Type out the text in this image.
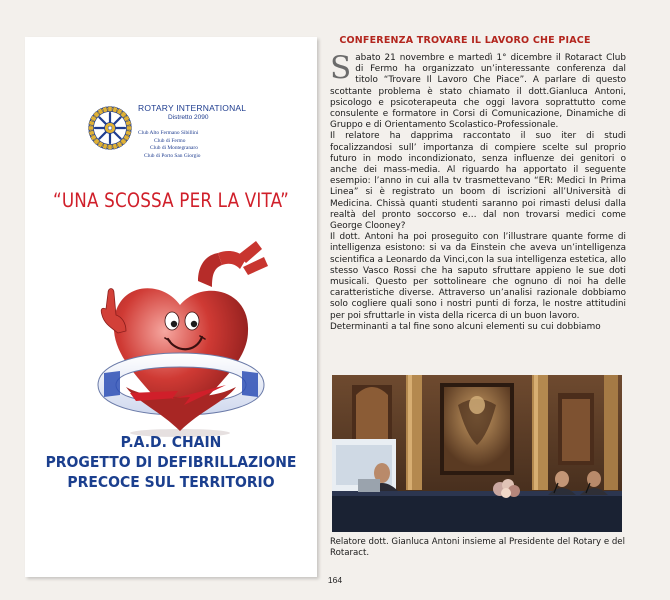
ROTARY INTERNATIONAL
Distretto 2090
Club Alto Fermano Sibillini
Club di Fermo
Club di Montegranaro
Club di Porto San Giorgio
“UNA SCOSSA PER LA VITA”
P.A.D. CHAIN
PROGETTO DI DEFIBRILLAZIONE
PRECOCE SUL TERRITORIO
CONFERENZA TROVARE IL LAVORO CHE PIACE

Sabato 21 novembre e martedì 1° dicembre il Rotaract Club di Fermo ha organizzato un’interessante conferenza dal titolo “Trovare Il Lavoro Che Piace”. A parlare di questo scottante problema è stato chiamato il dott.Gianluca Antoni, psicologo e psicoterapeuta che oggi lavora soprattutto come consulente e formatore in Corsi di Comunicazione, Dinamiche di Gruppo e di Orientamento Scolastico-Professionale.

Il relatore ha dapprima raccontato il suo iter di studi focalizzandosi sull’ importanza di compiere scelte sul proprio futuro in modo incondizionato, senza influenze dei genitori o anche dei mass-media. Al riguardo ha apportato il seguente esempio: l’anno in cui alla tv trasmettevano “ER: Medici In Prima Linea” si è registrato un boom di iscrizioni all’Università di Medicina. Chissà quanti studenti saranno poi rimasti delusi dalla realtà del pronto soccorso e… dal non trovarsi medici come George Clooney?

Il dott. Antoni ha poi proseguito con l’illustrare quante forme di intelligenza esistono: si va da Einstein che aveva un’intelligenza scientifica a Leonardo da Vinci,con la sua intelligenza estetica, allo stesso Vasco Rossi che ha saputo sfruttare appieno le sue doti musicali. Questo per sottolineare che ognuno di noi ha delle caratteristiche diverse. Attraverso un’analisi razionale dobbiamo solo cogliere quali sono i nostri punti di forza, le nostre attitudini per poi sfruttarle in vista della ricerca di un buon lavoro.

Determinanti a tal fine sono alcuni elementi su cui dobbiamo

Relatore dott. Gianluca Antoni insieme al Presidente del Rotary e del Rotaract.
164
